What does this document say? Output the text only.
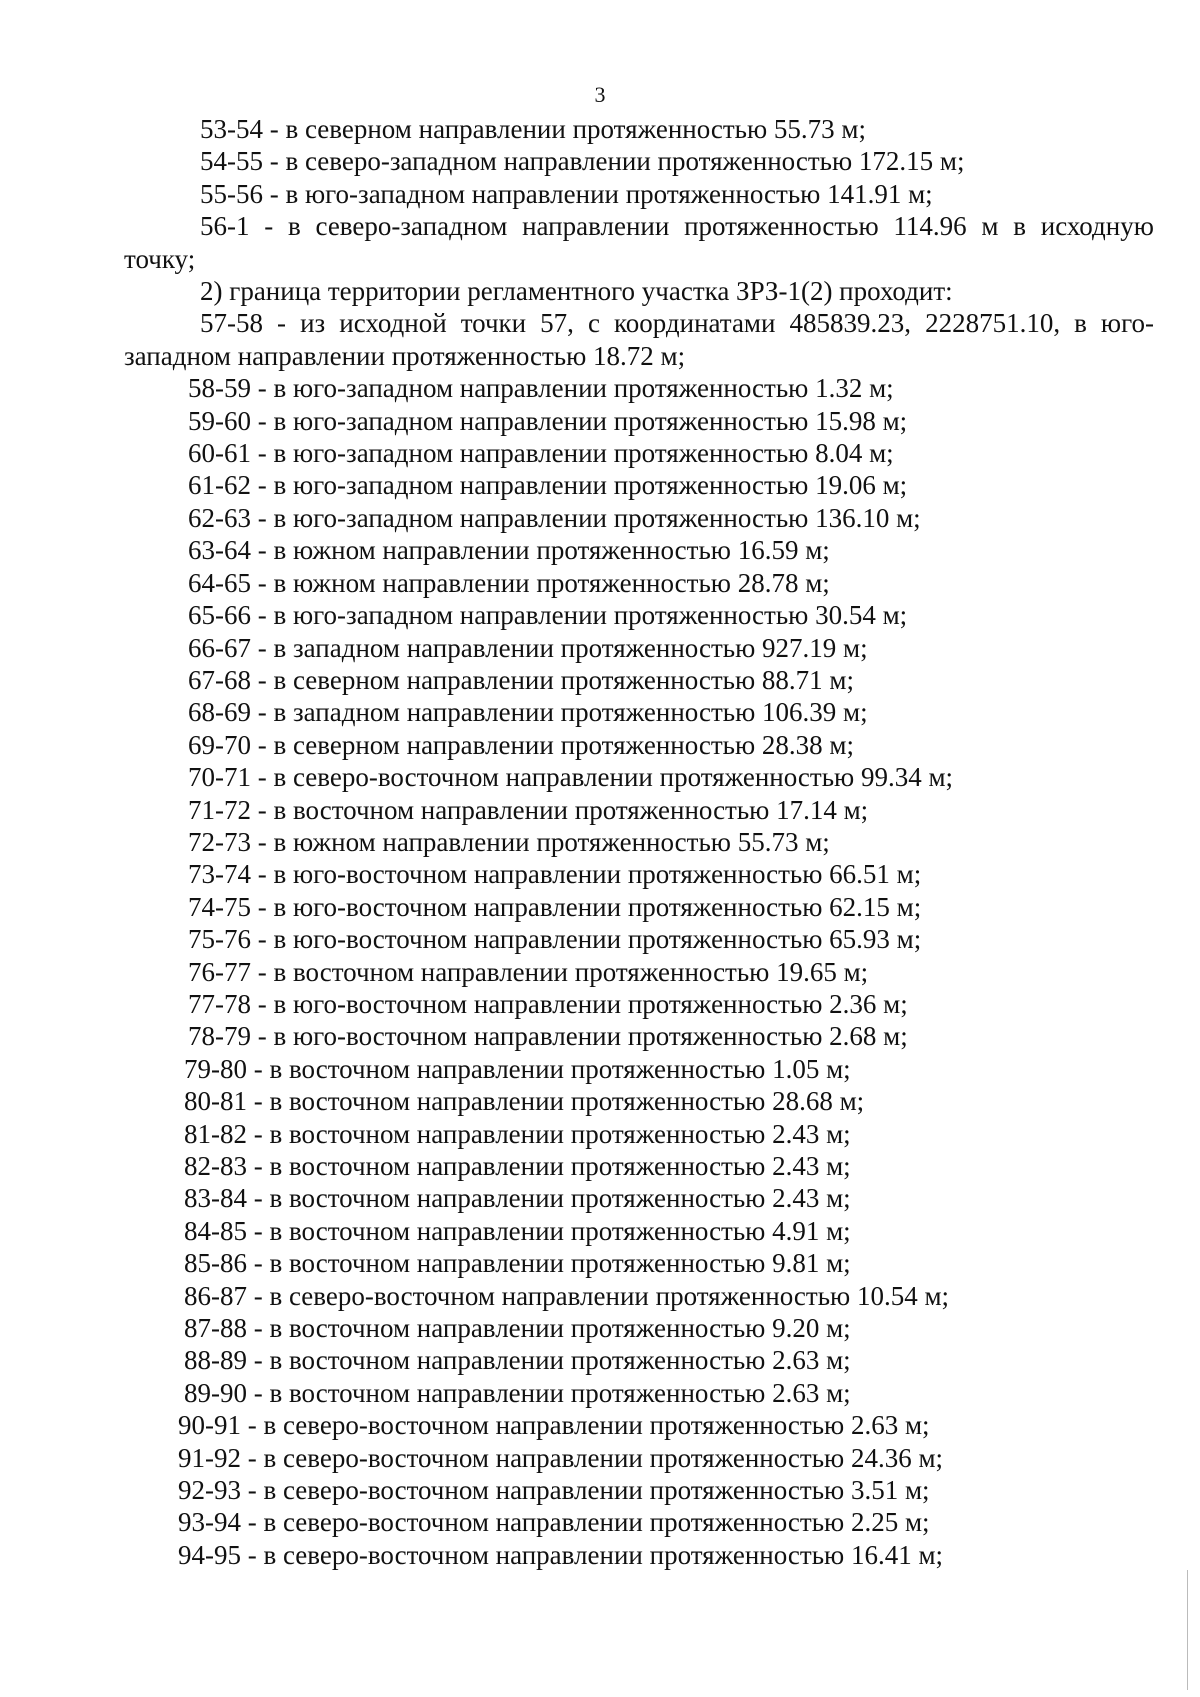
3
53-54 - в северном направлении протяженностью 55.73 м;
54-55 - в северо-западном направлении протяженностью 172.15 м;
55-56 - в юго-западном направлении протяженностью 141.91 м;
56-1 - в северо-западном направлении протяженностью 114.96 м в исходную
точку;
2) граница территории регламентного участка ЗРЗ-1(2) проходит:
57-58 - из исходной точки 57, с координатами 485839.23, 2228751.10, в юго-
западном направлении протяженностью 18.72 м;
58-59 - в юго-западном направлении протяженностью 1.32 м;
59-60 - в юго-западном направлении протяженностью 15.98 м;
60-61 - в юго-западном направлении протяженностью 8.04 м;
61-62 - в юго-западном направлении протяженностью 19.06 м;
62-63 - в юго-западном направлении протяженностью 136.10 м;
63-64 - в южном направлении протяженностью 16.59 м;
64-65 - в южном направлении протяженностью 28.78 м;
65-66 - в юго-западном направлении протяженностью 30.54 м;
66-67 - в западном направлении протяженностью 927.19 м;
67-68 - в северном направлении протяженностью 88.71 м;
68-69 - в западном направлении протяженностью 106.39 м;
69-70 - в северном направлении протяженностью 28.38 м;
70-71 - в северо-восточном направлении протяженностью 99.34 м;
71-72 - в восточном направлении протяженностью 17.14 м;
72-73 - в южном направлении протяженностью 55.73 м;
73-74 - в юго-восточном направлении протяженностью 66.51 м;
74-75 - в юго-восточном направлении протяженностью 62.15 м;
75-76 - в юго-восточном направлении протяженностью 65.93 м;
76-77 - в восточном направлении протяженностью 19.65 м;
77-78 - в юго-восточном направлении протяженностью 2.36 м;
78-79 - в юго-восточном направлении протяженностью 2.68 м;
79-80 - в восточном направлении протяженностью 1.05 м;
80-81 - в восточном направлении протяженностью 28.68 м;
81-82 - в восточном направлении протяженностью 2.43 м;
82-83 - в восточном направлении протяженностью 2.43 м;
83-84 - в восточном направлении протяженностью 2.43 м;
84-85 - в восточном направлении протяженностью 4.91 м;
85-86 - в восточном направлении протяженностью 9.81 м;
86-87 - в северо-восточном направлении протяженностью 10.54 м;
87-88 - в восточном направлении протяженностью 9.20 м;
88-89 - в восточном направлении протяженностью 2.63 м;
89-90 - в восточном направлении протяженностью 2.63 м;
90-91 - в северо-восточном направлении протяженностью 2.63 м;
91-92 - в северо-восточном направлении протяженностью 24.36 м;
92-93 - в северо-восточном направлении протяженностью 3.51 м;
93-94 - в северо-восточном направлении протяженностью 2.25 м;
94-95 - в северо-восточном направлении протяженностью 16.41 м;
